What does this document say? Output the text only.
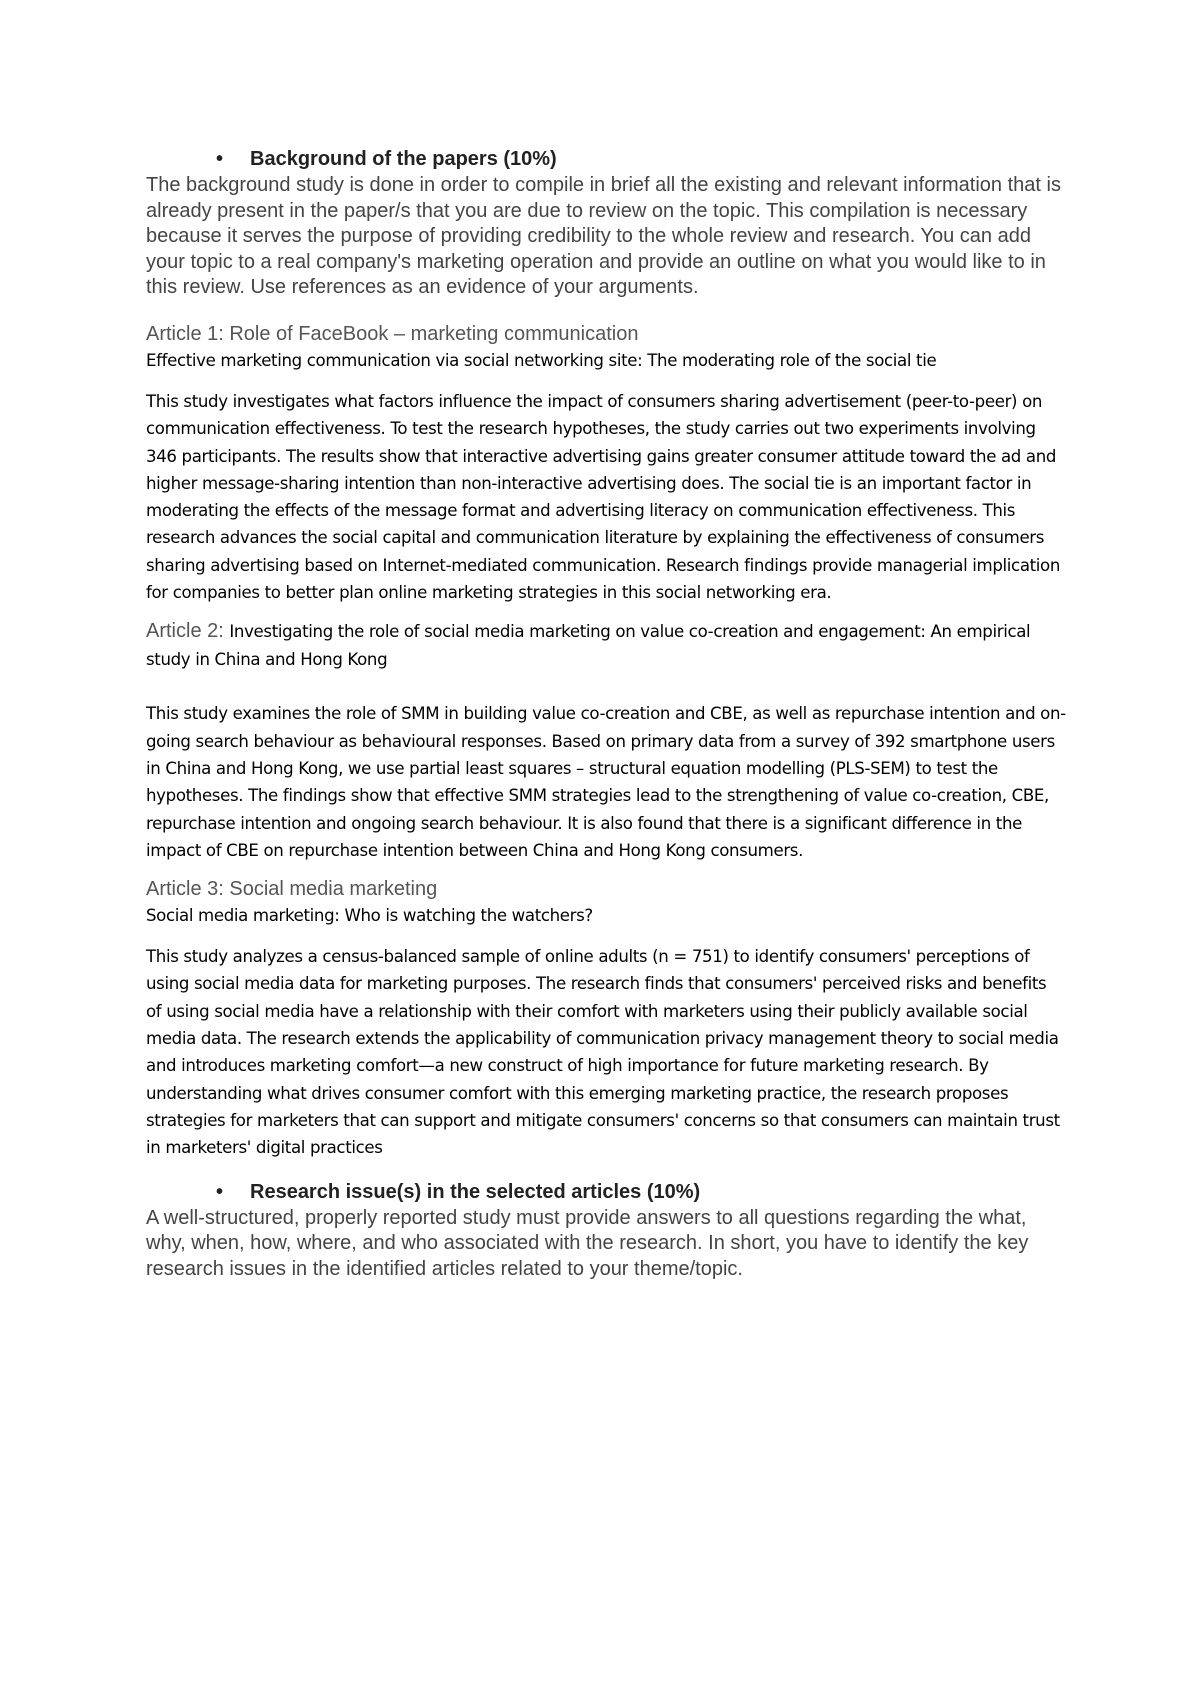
•	Background of the papers (10%)

The background study is done in order to compile in brief all the existing and relevant information that is already present in the paper/s that you are due to review on the topic. This compilation is necessary because it serves the purpose of providing credibility to the whole review and research. You can add your topic to a real company's marketing operation and provide an outline on what you would like to in this review. Use references as an evidence of your arguments.

Article 1: Role of FaceBook – marketing communication

Effective marketing communication via social networking site: The moderating role of the social tie

This study investigates what factors influence the impact of consumers sharing advertisement (peer-to-peer) on communication effectiveness. To test the research hypotheses, the study carries out two experiments involving 346 participants. The results show that interactive advertising gains greater consumer attitude toward the ad and higher message-sharing intention than non-interactive advertising does. The social tie is an important factor in moderating the effects of the message format and advertising literacy on communication effectiveness. This research advances the social capital and communication literature by explaining the effectiveness of consumers sharing advertising based on Internet-mediated communication. Research findings provide managerial implication for companies to better plan online marketing strategies in this social networking era.

Article 2: Investigating the role of social media marketing on value co-creation and engagement: An empirical study in China and Hong Kong

This study examines the role of SMM in building value co-creation and CBE, as well as repurchase intention and on-going search behaviour as behavioural responses. Based on primary data from a survey of 392 smartphone users in China and Hong Kong, we use partial least squares – structural equation modelling (PLS-SEM) to test the hypotheses. The findings show that effective SMM strategies lead to the strengthening of value co-creation, CBE, repurchase intention and ongoing search behaviour. It is also found that there is a significant difference in the impact of CBE on repurchase intention between China and Hong Kong consumers.

Article 3: Social media marketing

Social media marketing: Who is watching the watchers?

This study analyzes a census-balanced sample of online adults (n = 751) to identify consumers' perceptions of using social media data for marketing purposes. The research finds that consumers' perceived risks and benefits of using social media have a relationship with their comfort with marketers using their publicly available social media data. The research extends the applicability of communication privacy management theory to social media and introduces marketing comfort—a new construct of high importance for future marketing research. By understanding what drives consumer comfort with this emerging marketing practice, the research proposes strategies for marketers that can support and mitigate consumers' concerns so that consumers can maintain trust in marketers' digital practices

•	Research issue(s) in the selected articles (10%)

A well-structured, properly reported study must provide answers to all questions regarding the what, why, when, how, where, and who associated with the research. In short, you have to identify the key research issues in the identified articles related to your theme/topic.
